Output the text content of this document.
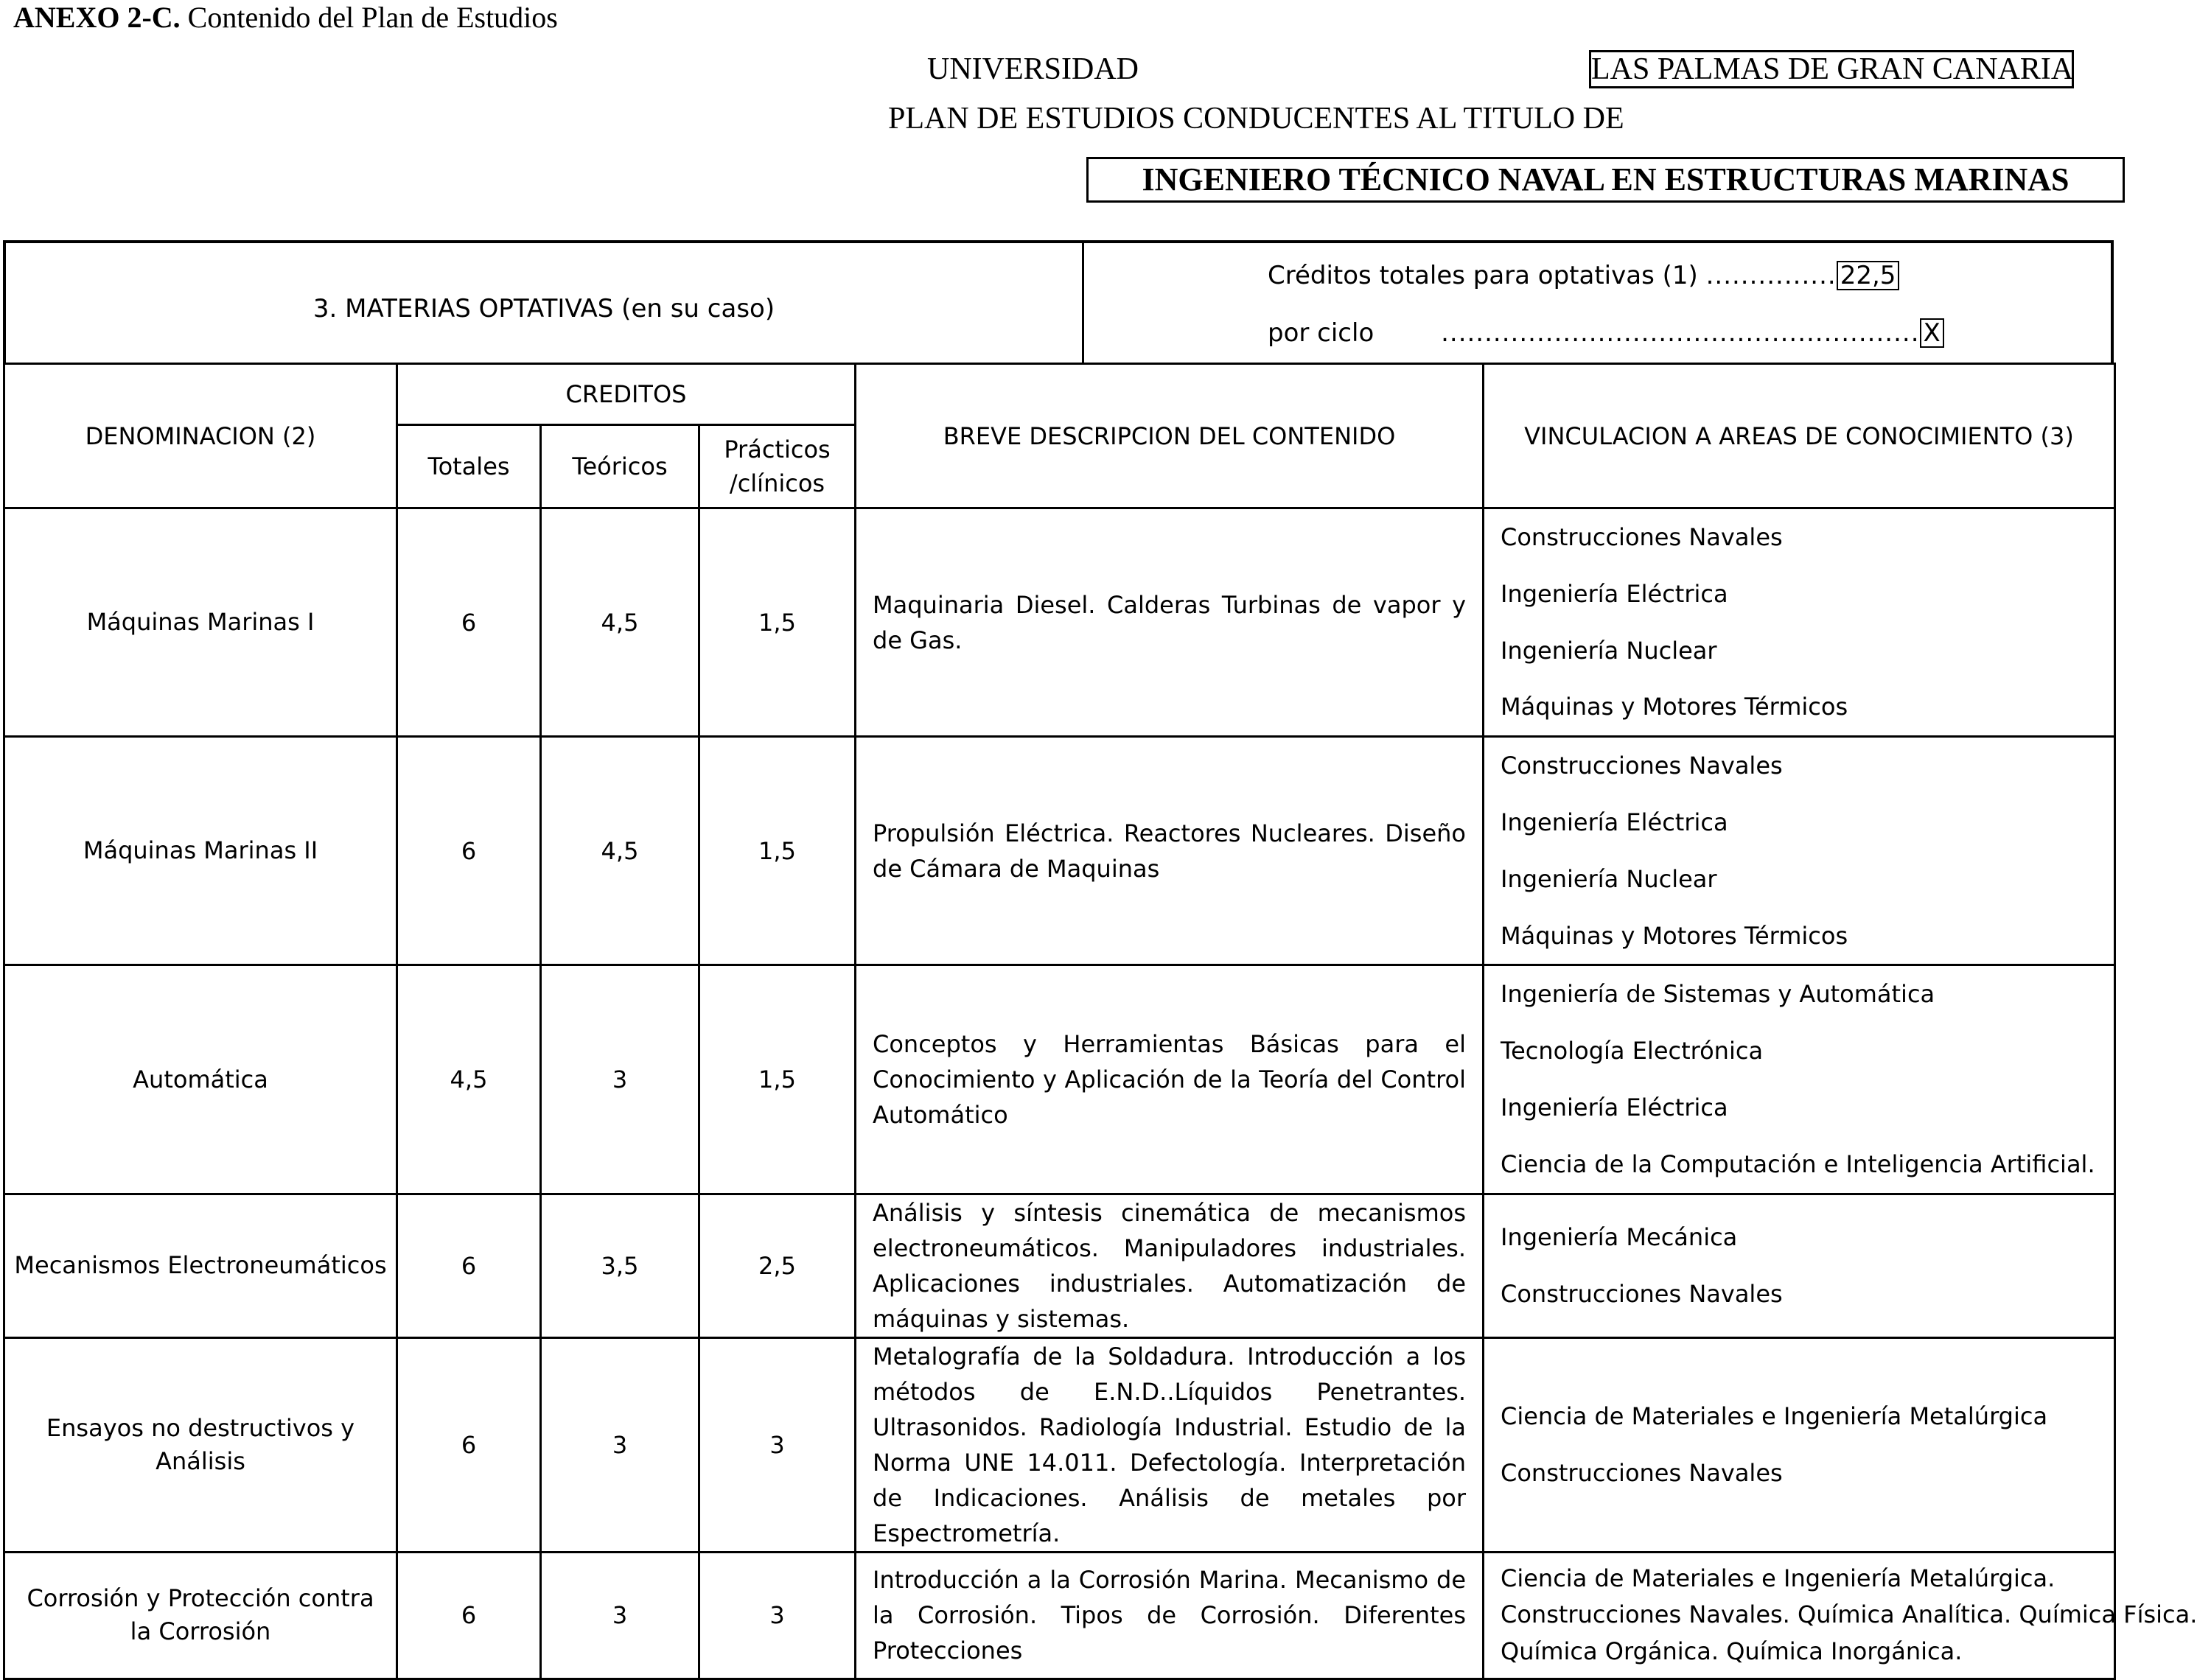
ANEXO 2-C. Contenido del Plan de Estudios
UNIVERSIDAD	LAS PALMAS DE GRAN CANARIA
PLAN DE ESTUDIOS CONDUCENTES AL TITULO DE
INGENIERO TÉCNICO NAVAL EN ESTRUCTURAS MARINAS
3. MATERIAS OPTATIVAS (en su caso)
Créditos totales para optativas (1) ............... 22,5
por ciclo	....................................................... X
DENOMINACION (2)	CREDITOS			BREVE DESCRIPCION DEL CONTENIDO	VINCULACION A AREAS DE CONOCIMIENTO (3)
	Totales	Teóricos	Prácticos /clínicos		
Máquinas Marinas I	6	4,5	1,5	Maquinaria Diesel. Calderas Turbinas de vapor y de Gas.	Construcciones Navales
Ingeniería Eléctrica
Ingeniería Nuclear
Máquinas y Motores Térmicos

Máquinas Marinas II	6	4,5	1,5	Propulsión Eléctrica. Reactores Nucleares. Diseño de Cámara de Maquinas	Construcciones Navales
Ingeniería Eléctrica
Ingeniería Nuclear
Máquinas y Motores Térmicos

Automática	4,5	3	1,5	Conceptos y Herramientas Básicas para el Conocimiento y Aplicación de la Teoría del Control Automático	Ingeniería de Sistemas y Automática
Tecnología Electrónica
Ingeniería Eléctrica
Ciencia de la Computación e Inteligencia Artificial.

Mecanismos Electroneumáticos	6	3,5	2,5	Análisis y síntesis cinemática de mecanismos electroneumáticos. Manipuladores industriales. Aplicaciones industriales. Automatización de máquinas y sistemas.	Ingeniería Mecánica
Construcciones Navales

Ensayos no destructivos y Análisis	6	3	3	Metalografía de la Soldadura. Introducción a los métodos de E.N.D..Líquidos Penetrantes. Ultrasonidos. Radiología Industrial. Estudio de la Norma UNE 14.011. Defectología. Interpretación de Indicaciones. Análisis de metales por Espectrometría.	Ciencia de Materiales e Ingeniería Metalúrgica
Construcciones Navales

Corrosión y Protección contra la Corrosión	6	3	3	Introducción a la Corrosión Marina. Mecanismo de la Corrosión. Tipos de Corrosión. Diferentes Protecciones	Ciencia de Materiales e Ingeniería Metalúrgica.
Construcciones Navales. Química Analítica. Química Física.
Química Orgánica. Química Inorgánica.
